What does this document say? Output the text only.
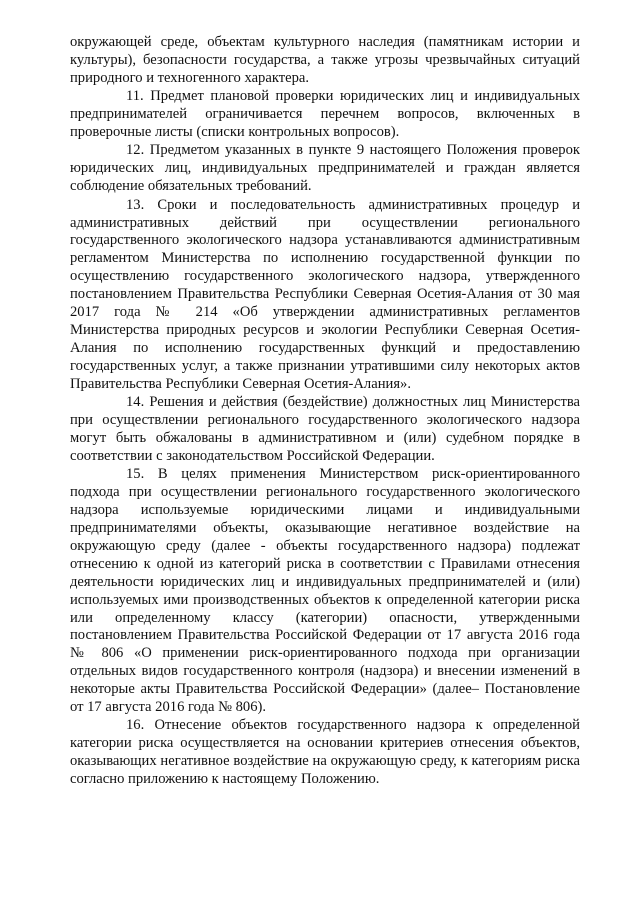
окружающей среде, объектам культурного наследия (памятникам истории и культуры), безопасности государства, а также угрозы чрезвычайных ситуаций природного и техногенного характера.

11. Предмет плановой проверки юридических лиц и индивидуальных предпринимателей ограничивается перечнем вопросов, включенных в проверочные листы (списки контрольных вопросов).

12. Предметом указанных в пункте 9 настоящего Положения проверок юридических лиц, индивидуальных предпринимателей и граждан является соблюдение обязательных требований.

13. Сроки и последовательность административных процедур и административных действий при осуществлении регионального государственного экологического надзора устанавливаются административным регламентом Министерства по исполнению государственной функции по осуществлению государственного экологического надзора, утвержденного постановлением Правительства Республики Северная Осетия-Алания от 30 мая 2017 года № 214 «Об утверждении административных регламентов Министерства природных ресурсов и экологии Республики Северная Осетия-Алания по исполнению государственных функций и предоставлению государственных услуг, а также признании утратившими силу некоторых актов Правительства Республики Северная Осетия-Алания».

14. Решения и действия (бездействие) должностных лиц Министерства при осуществлении регионального государственного экологического надзора могут быть обжалованы в административном и (или) судебном порядке в соответствии с законодательством Российской Федерации.

15. В целях применения Министерством риск-ориентированного подхода при осуществлении регионального государственного экологического надзора используемые юридическими лицами и индивидуальными предпринимателями объекты, оказывающие негативное воздействие на окружающую среду (далее - объекты государственного надзора) подлежат отнесению к одной из категорий риска в соответствии с Правилами отнесения деятельности юридических лиц и индивидуальных предпринимателей и (или) используемых ими производственных объектов к определенной категории риска или определенному классу (категории) опасности, утвержденными постановлением Правительства Российской Федерации от 17 августа 2016 года № 806 «О применении риск-ориентированного подхода при организации отдельных видов государственного контроля (надзора) и внесении изменений в некоторые акты Правительства Российской Федерации» (далее– Постановление от 17 августа 2016 года № 806).

16. Отнесение объектов государственного надзора к определенной категории риска осуществляется на основании критериев отнесения объектов, оказывающих негативное воздействие на окружающую среду, к категориям риска согласно приложению к настоящему Положению.
